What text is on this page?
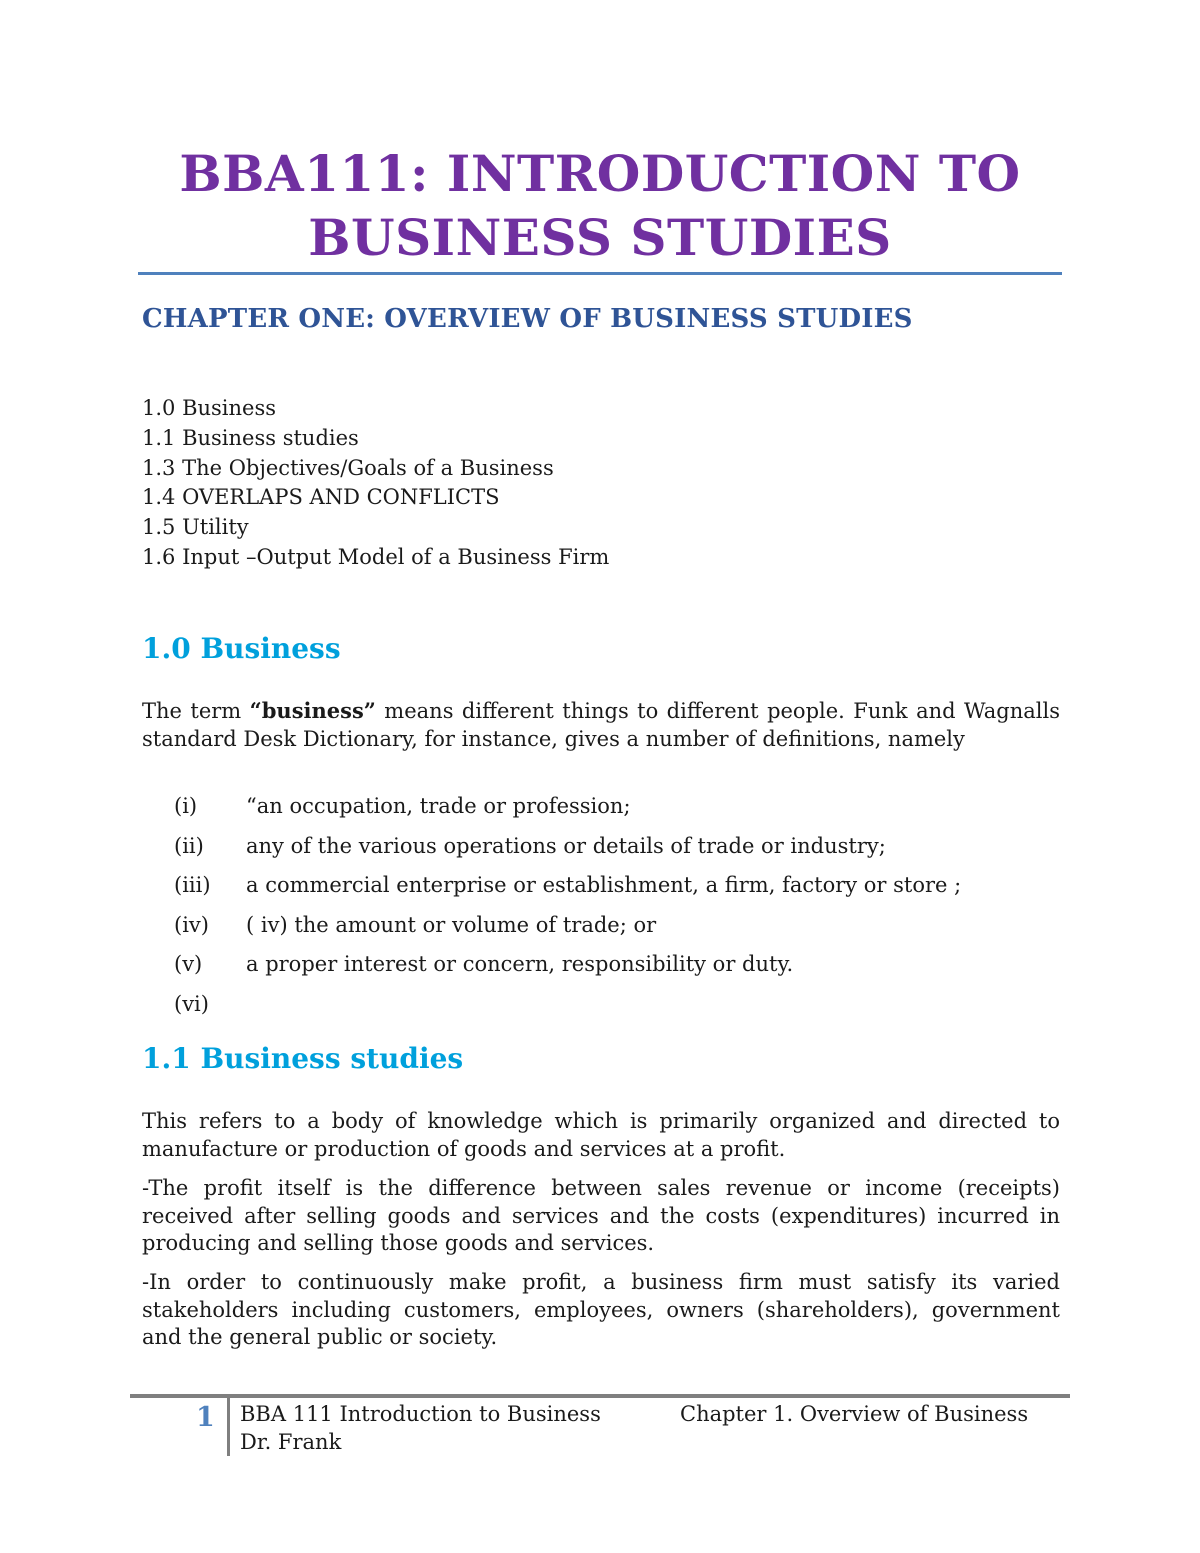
BBA111: INTRODUCTION TO
BUSINESS STUDIES
CHAPTER ONE: OVERVIEW OF BUSINESS STUDIES
1.0 Business
1.1 Business studies
1.3 The Objectives/Goals of a Business
1.4 OVERLAPS AND CONFLICTS
1.5 Utility
1.6 Input –Output Model of a Business Firm
1.0 Business

The term “business” means different things to different people. Funk and Wagnalls standard Desk Dictionary, for instance, gives a number of definitions, namely

(i) “an occupation, trade or profession;
(ii) any of the various operations or details of trade or industry;
(iii) a commercial enterprise or establishment, a firm, factory or store ;
(iv) ( iv) the amount or volume of trade; or
(v) a proper interest or concern, responsibility or duty.
(vi)
1.1 Business studies

This refers to a body of knowledge which is primarily organized and directed to manufacture or production of goods and services at a profit.

-The profit itself is the difference between sales revenue or income (receipts) received after selling goods and services and the costs (expenditures) incurred in producing and selling those goods and services.

-In order to continuously make profit, a business firm must satisfy its varied stakeholders including customers, employees, owners (shareholders), government and the general public or society.

1 BBA 111 Introduction to Business
Dr. Frank
Chapter 1. Overview of Business
